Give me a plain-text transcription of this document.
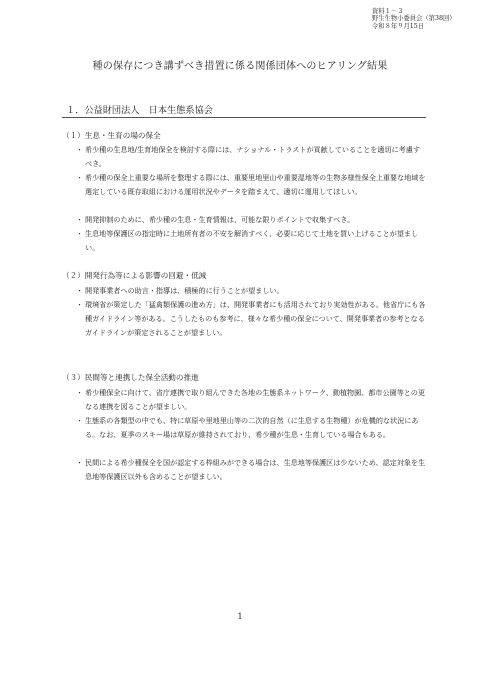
資料１－３
野生生物小委員会（第38回）
令和８年９月15日
種の保存につき講ずべき措置に係る関係団体へのヒアリング結果
１．公益財団法人　日本生態系協会
（１）生息・生育の場の保全
・ 希少種の生息地/生育地保全を検討する際には、ナショナル・トラストが貢献していることを適切に考慮すべき。
・ 希少種の保全上重要な場所を整理する際には、重要里地里山や重要湿地等の生物多様性保全上重要な地域を選定している既存取組における運用状況やデータを踏まえて、適切に運用してほしい。
・ 開発抑制のために、希少種の生息・生育情報は、可能な限りポイントで収集すべき。
・ 生息地等保護区の指定時に土地所有者の不安を解消すべく、必要に応じて土地を買い上げることが望ましい。
（２）開発行為等による影響の回避・低減
・ 開発事業者への助言・指導は、積極的に行うことが望ましい。
・ 環境省が策定した「猛禽類保護の進め方」は、開発事業者にも活用されており実効性がある。他省庁にも各種ガイドライン等がある。こうしたものも参考に、様々な希少種の保全について、開発事業者の参考となるガイドラインが策定されることが望ましい。
（３）民間等と連携した保全活動の推進
・ 希少種保全に向けて、省庁連携で取り組んできた各地の生態系ネットワーク、動植物園、都市公園等との更なる連携を図ることが望ましい。
・ 生態系の各類型の中でも、特に草原や里地里山等の二次的自然（に生息する生物種）が危機的な状況にある。なお、夏季のスキー場は草原が維持されており、希少種が生息・生育している場合もある。
・ 民間による希少種保全を国が認定する枠組みができる場合は、生息地等保護区は少ないため、認定対象を生息地等保護区以外も含めることが望ましい。
1
